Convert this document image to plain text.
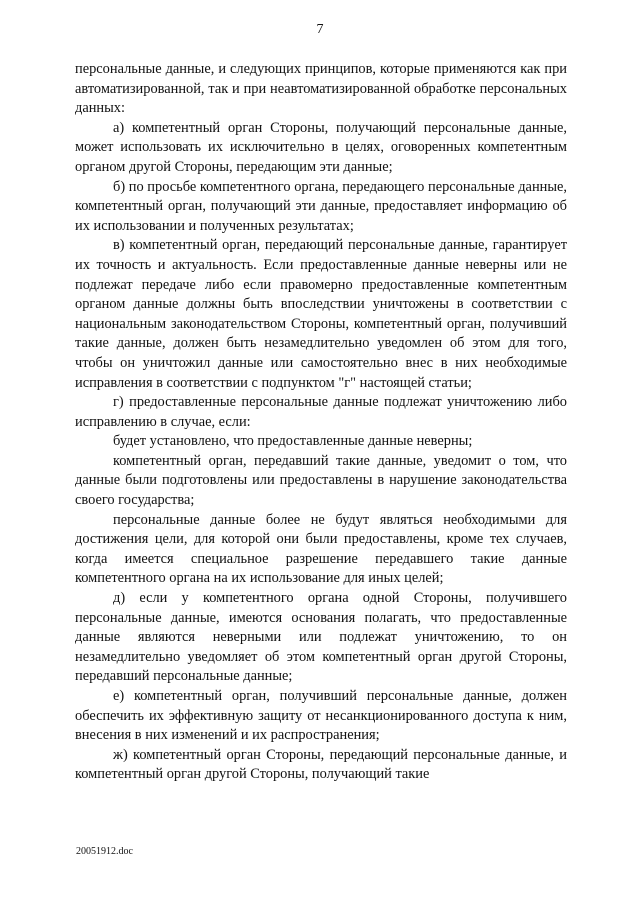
7

персональные данные, и следующих принципов, которые применяются как при автоматизированной, так и при неавтоматизированной обработке персональных данных:

а) компетентный орган Стороны, получающий персональные данные, может использовать их исключительно в целях, оговоренных компетентным органом другой Стороны, передающим эти данные;

б) по просьбе компетентного органа, передающего персональные данные, компетентный орган, получающий эти данные, предоставляет информацию об их использовании и полученных результатах;

в) компетентный орган, передающий персональные данные, гарантирует их точность и актуальность. Если предоставленные данные неверны или не подлежат передаче либо если правомерно предоставленные компетентным органом данные должны быть впоследствии уничтожены в соответствии с национальным законодательством Стороны, компетентный орган, получивший такие данные, должен быть незамедлительно уведомлен об этом для того, чтобы он уничтожил данные или самостоятельно внес в них необходимые исправления в соответствии с подпунктом "г" настоящей статьи;

г) предоставленные персональные данные подлежат уничтожению либо исправлению в случае, если:

будет установлено, что предоставленные данные неверны;

компетентный орган, передавший такие данные, уведомит о том, что данные были подготовлены или предоставлены в нарушение законодательства своего государства;

персональные данные более не будут являться необходимыми для достижения цели, для которой они были предоставлены, кроме тех случаев, когда имеется специальное разрешение передавшего такие данные компетентного органа на их использование для иных целей;

д) если у компетентного органа одной Стороны, получившего персональные данные, имеются основания полагать, что предоставленные данные являются неверными или подлежат уничтожению, то он незамедлительно уведомляет об этом компетентный орган другой Стороны, передавший персональные данные;

е) компетентный орган, получивший персональные данные, должен обеспечить их эффективную защиту от несанкционированного доступа к ним, внесения в них изменений и их распространения;

ж) компетентный орган Стороны, передающий персональные данные, и компетентный орган другой Стороны, получающий такие

20051912.doc
